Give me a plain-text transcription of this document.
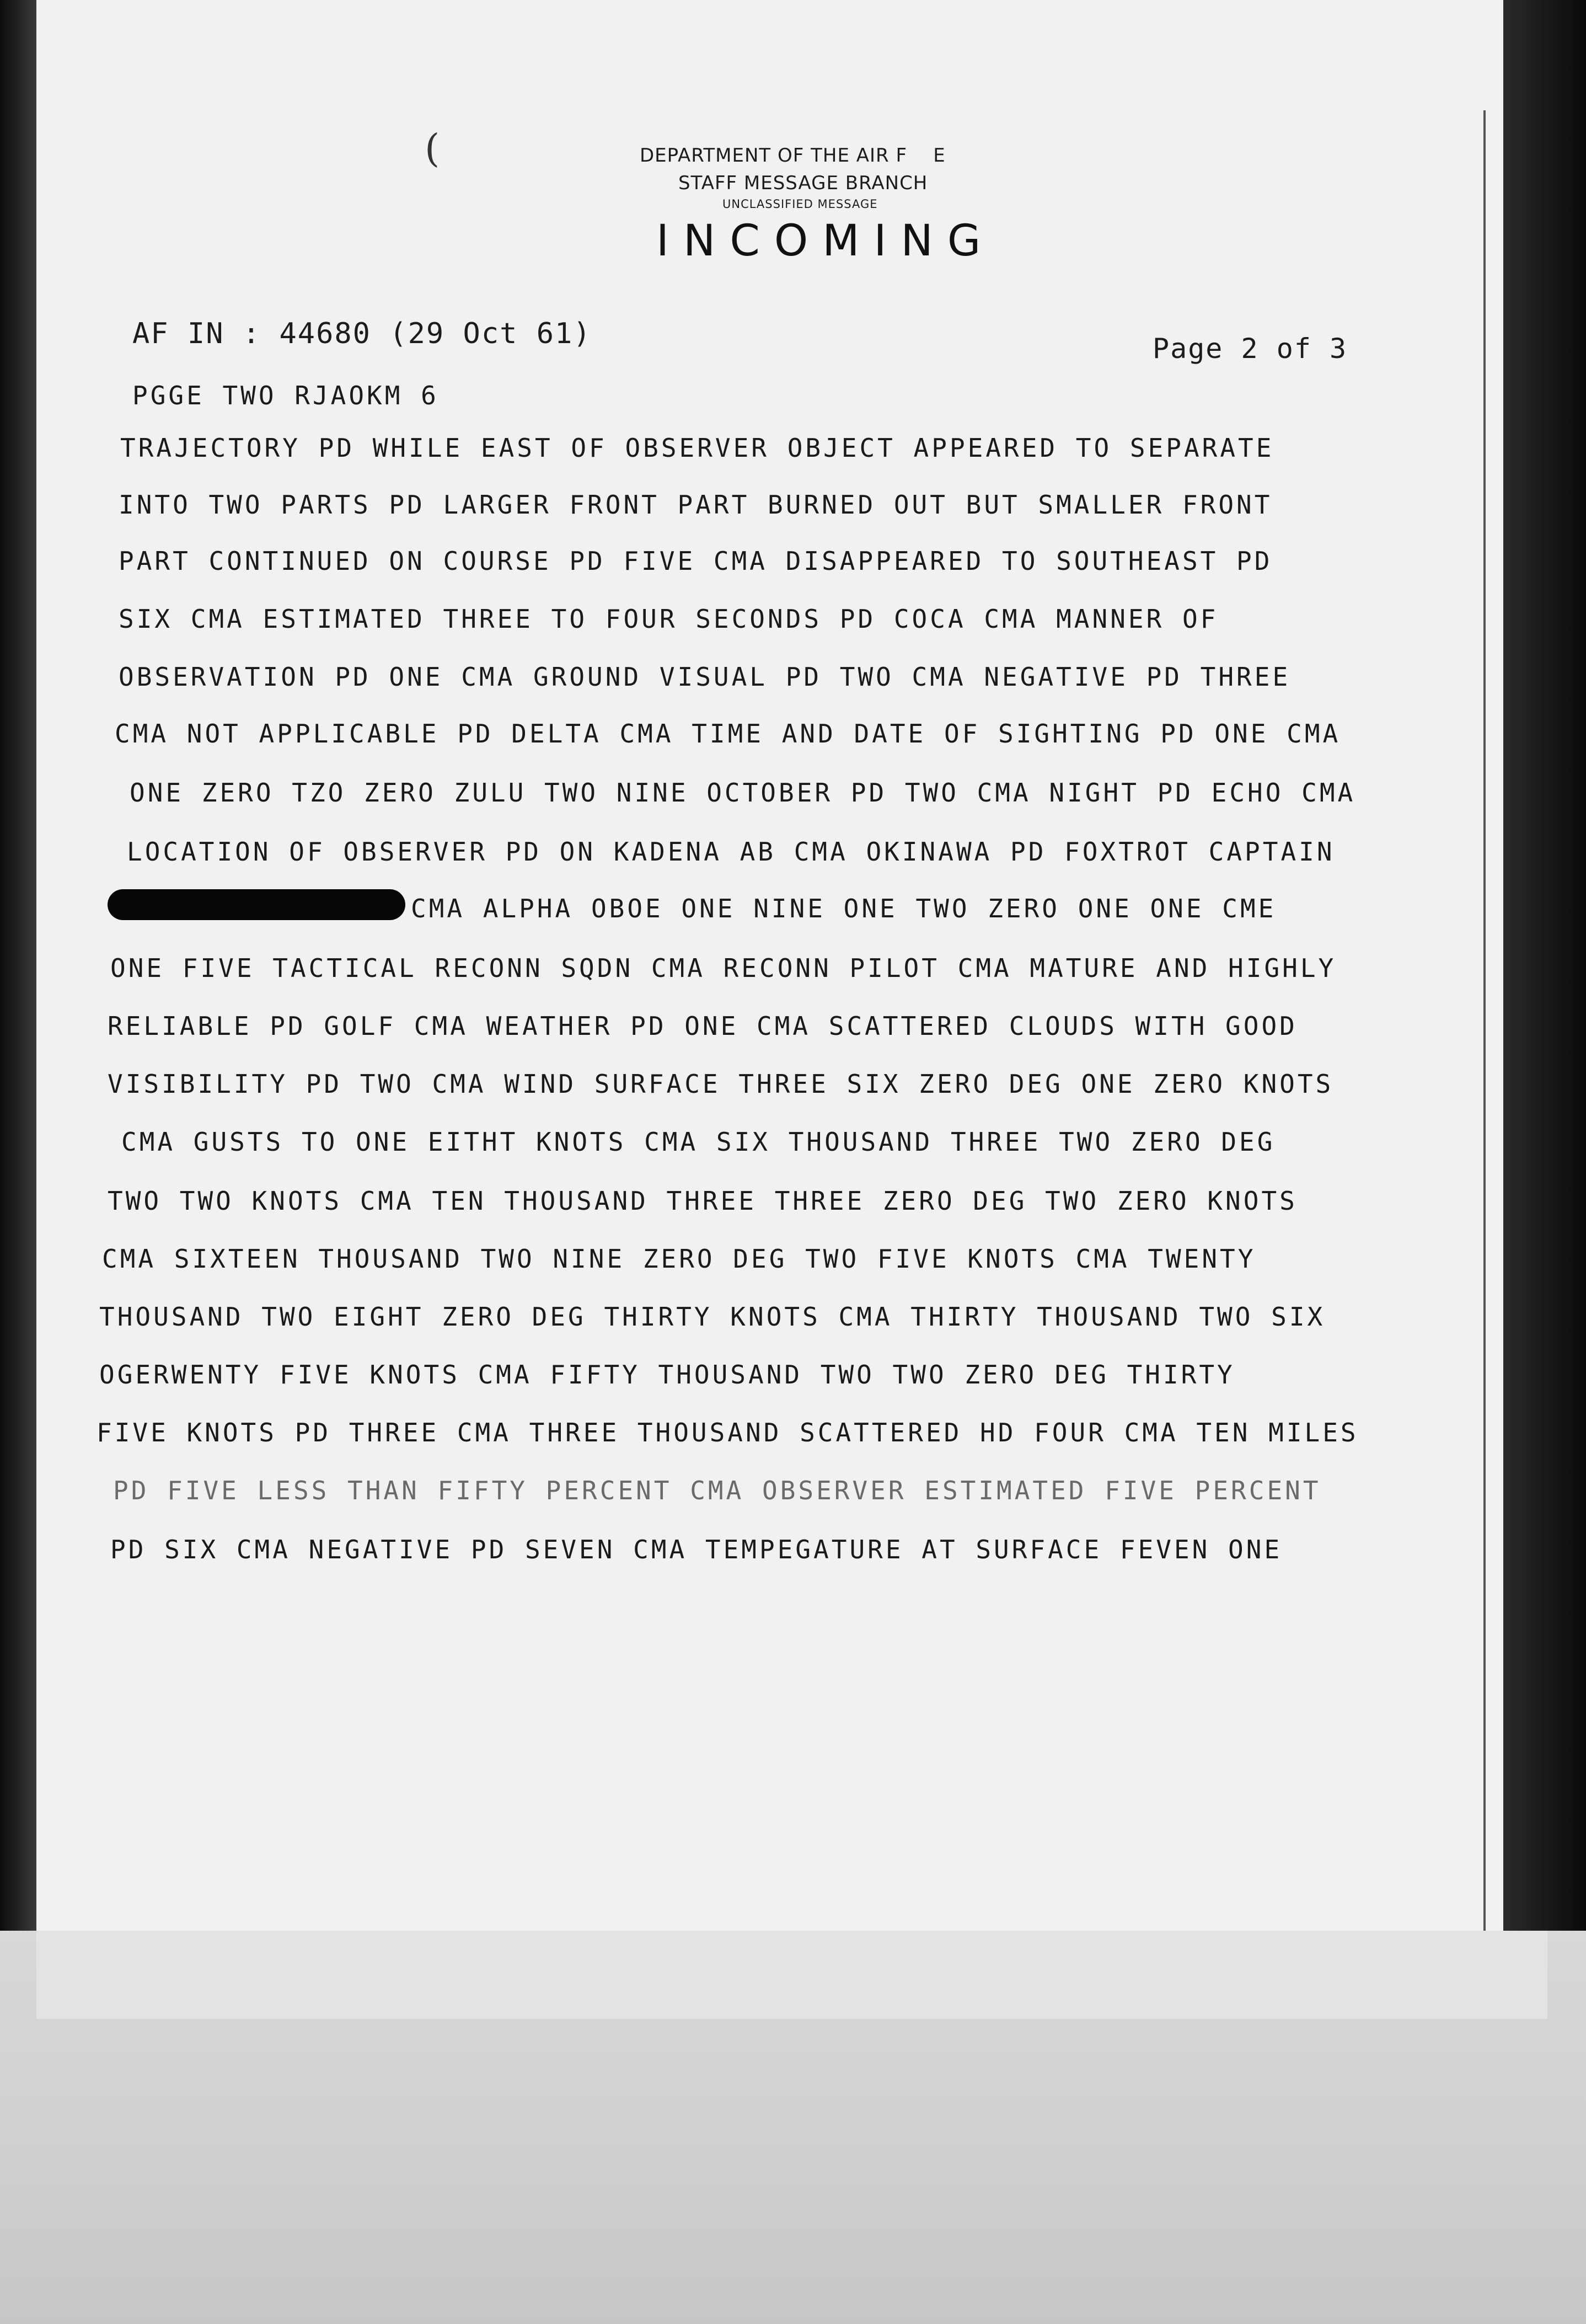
(	DEPARTMENT OF THE AIR F E
STAFF MESSAGE BRANCH
UNCLASSIFIED MESSAGE
INCOMING
AF IN : 44680 (29 Oct 61)	Page 2 of 3
PGGE TWO RJAOKM 6
TRAJECTORY PD WHILE EAST OF OBSERVER OBJECT APPEARED TO SEPARATE
INTO TWO PARTS PD LARGER FRONT PART BURNED OUT BUT SMALLER FRONT
PART CONTINUED ON COURSE PD FIVE CMA DISAPPEARED TO SOUTHEAST PD
SIX CMA ESTIMATED THREE TO FOUR SECONDS PD COCA CMA MANNER OF
OBSERVATION PD ONE CMA GROUND VISUAL PD TWO CMA NEGATIVE PD THREE
CMA NOT APPLICABLE PD DELTA CMA TIME AND DATE OF SIGHTING PD ONE CMA
ONE ZERO TZO ZERO ZULU TWO NINE OCTOBER PD TWO CMA NIGHT PD ECHO CMA
LOCATION OF OBSERVER PD ON KADENA AB CMA OKINAWA PD FOXTROT CAPTAIN
CMA ALPHA OBOE ONE NINE ONE TWO ZERO ONE ONE CME
ONE FIVE TACTICAL RECONN SQDN CMA RECONN PILOT CMA MATURE AND HIGHLY
RELIABLE PD GOLF CMA WEATHER PD ONE CMA SCATTERED CLOUDS WITH GOOD
VISIBILITY PD TWO CMA WIND SURFACE THREE SIX ZERO DEG ONE ZERO KNOTS
CMA GUSTS TO ONE EITHT KNOTS CMA SIX THOUSAND THREE TWO ZERO DEG
TWO TWO KNOTS CMA TEN THOUSAND THREE THREE ZERO DEG TWO ZERO KNOTS
CMA SIXTEEN THOUSAND TWO NINE ZERO DEG TWO FIVE KNOTS CMA TWENTY
THOUSAND TWO EIGHT ZERO DEG THIRTY KNOTS CMA THIRTY THOUSAND TWO SIX
OGERWENTY FIVE KNOTS CMA FIFTY THOUSAND TWO TWO ZERO DEG THIRTY
FIVE KNOTS PD THREE CMA THREE THOUSAND SCATTERED HD FOUR CMA TEN MILES
PD FIVE LESS THAN FIFTY PERCENT CMA OBSERVER ESTIMATED FIVE PERCENT
PD SIX CMA NEGATIVE PD SEVEN CMA TEMPEGATURE AT SURFACE FEVEN ONE
